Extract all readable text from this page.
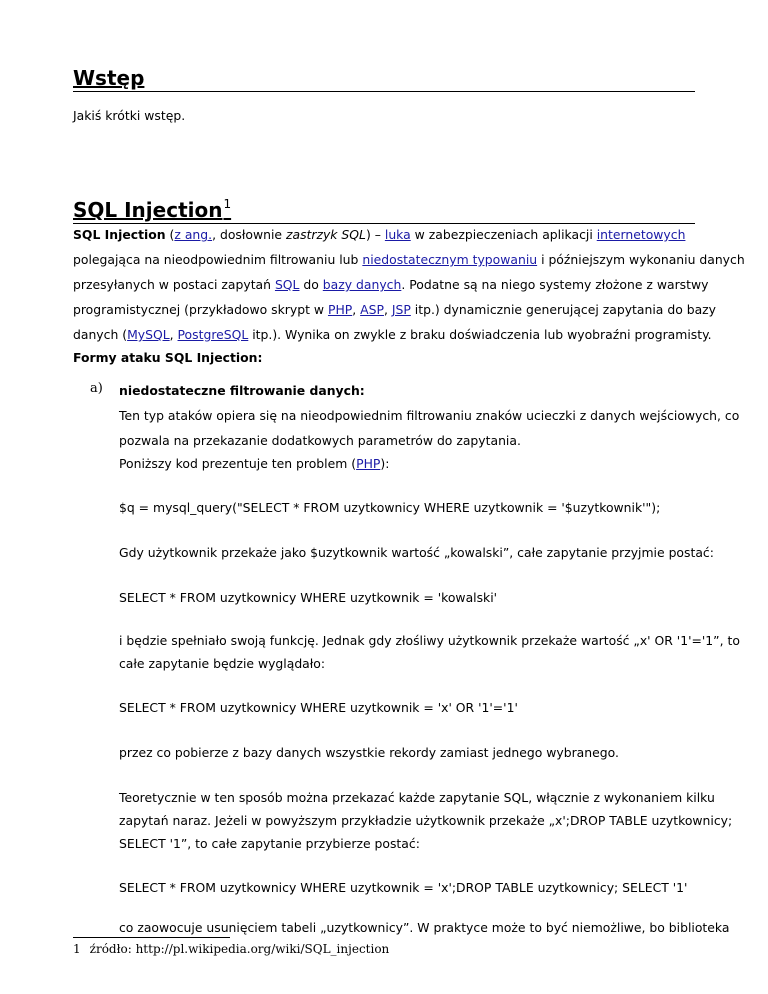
Wstęp
Jakiś krótki wstęp.
SQL Injection$^1$
SQL Injection (z ang., dosłownie zastrzyk SQL) – luka w zabezpieczeniach aplikacji internetowych
polegająca na nieodpowiednim filtrowaniu lub niedostatecznym typowaniu i późniejszym wykonaniu danych
przesyłanych w postaci zapytań SQL do bazy danych. Podatne są na niego systemy złożone z warstwy
programistycznej (przykładowo skrypt w PHP, ASP, JSP itp.) dynamicznie generującej zapytania do bazy
danych (MySQL, PostgreSQL itp.). Wynika on zwykle z braku doświadczenia lub wyobraźni programisty.
Formy ataku SQL Injection:
a) niedostateczne filtrowanie danych:
Ten typ ataków opiera się na nieodpowiednim filtrowaniu znaków ucieczki z danych wejściowych, co
pozwala na przekazanie dodatkowych parametrów do zapytania.
Poniższy kod prezentuje ten problem (PHP):
$q = mysql_query("SELECT * FROM uzytkownicy WHERE uzytkownik = '$uzytkownik'");
Gdy użytkownik przekaże jako $uzytkownik wartość „kowalski”, całe zapytanie przyjmie postać:
SELECT * FROM uzytkownicy WHERE uzytkownik = 'kowalski'
i będzie spełniało swoją funkcję. Jednak gdy złośliwy użytkownik przekaże wartość „x' OR '1'='1”, to
całe zapytanie będzie wyglądało:
SELECT * FROM uzytkownicy WHERE uzytkownik = 'x' OR '1'='1'
przez co pobierze z bazy danych wszystkie rekordy zamiast jednego wybranego.
Teoretycznie w ten sposób można przekazać każde zapytanie SQL, włącznie z wykonaniem kilku
zapytań naraz. Jeżeli w powyższym przykładzie użytkownik przekaże „x';DROP TABLE uzytkownicy;
SELECT '1”, to całe zapytanie przybierze postać:
SELECT * FROM uzytkownicy WHERE uzytkownik = 'x';DROP TABLE uzytkownicy; SELECT '1'
co zaowocuje usunięciem tabeli „uzytkownicy”. W praktyce może to być niemożliwe, bo biblioteka
1 źródło: http://pl.wikipedia.org/wiki/SQL_injection
